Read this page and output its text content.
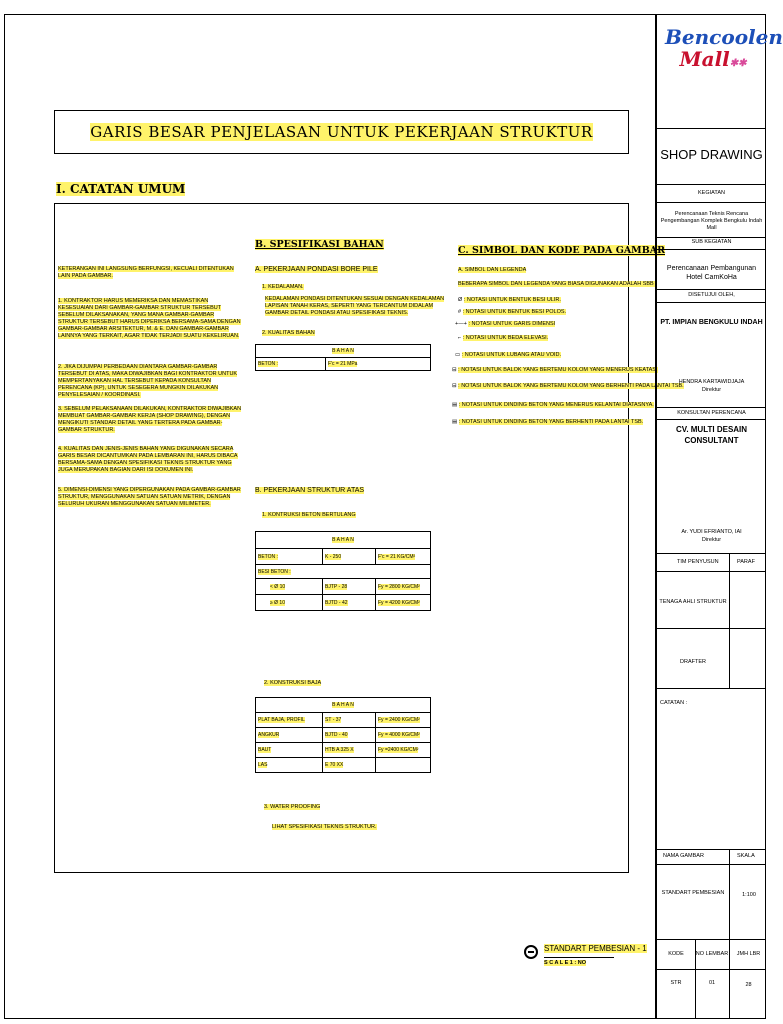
GARIS BESAR PENJELASAN UNTUK PEKERJAAN STRUKTUR
I. CATATAN UMUM
KETERANGAN INI LANGSUNG BERFUNGSI, KECUALI DITENTUKAN LAIN PADA GAMBAR.
1. KONTRAKTOR HARUS MEMERIKSA DAN MEMASTIKAN KESESUAIAN DARI GAMBAR-GAMBAR STRUKTUR TERSEBUT SEBELUM DILAKSANAKAN, YANG MANA GAMBAR-GAMBAR STRUKTUR TERSEBUT HARUS DIPERIKSA BERSAMA-SAMA DENGAN GAMBAR-GAMBAR ARSITEKTUR, M. & E. DAN GAMBAR-GAMBAR LAINNYA YANG TERKAIT, AGAR TIDAK TERJADI SUATU KEKELIRUAN.
2. JIKA DIJUMPAI PERBEDAAN DIANTARA GAMBAR-GAMBAR TERSEBUT DI ATAS, MAKA DIWAJIBKAN BAGI KONTRAKTOR UNTUK MEMPERTANYAKAN HAL TERSEBUT KEPADA KONSULTAN PERENCANA (KP), UNTUK SESEGERA MUNGKIN DILAKUKAN PENYELESAIAN / KOORDINASI.
3. SEBELUM PELAKSANAAN DILAKUKAN, KONTRAKTOR DIWAJIBKAN MEMBUAT GAMBAR-GAMBAR KERJA (SHOP DRAWING), DENGAN MENGIKUTI STANDAR DETAIL YANG TERTERA PADA GAMBAR-GAMBAR STRUKTUR.
4. KUALITAS DAN JENIS-JENIS BAHAN YANG DIGUNAKAN SECARA GARIS BESAR DICANTUMKAN PADA LEMBARAN INI, HARUS DIBACA BERSAMA-SAMA DENGAN SPESIFIKASI TEKNIS STRUKTUR YANG JUGA MERUPAKAN BAGIAN DARI ISI DOKUMEN INI.
5. DIMENSI-DIMENSI YANG DIPERGUNAKAN PADA GAMBAR-GAMBAR STRUKTUR, MENGGUNAKAN SATUAN SATUAN METRIK, DENGAN SELURUH UKURAN MENGGUNAKAN SATUAN MILIMETER.
B. SPESIFIKASI BAHAN
A. PEKERJAAN PONDASI BORE PILE
1. KEDALAMAN.
KEDALAMAN PONDASI DITENTUKAN SESUAI DENGAN KEDALAMAN LAPISAN TANAH KERAS, SEPERTI YANG TERCANTUM DIDALAM GAMBAR DETAIL PONDASI ATAU SPESIFIKASI TEKNIS.
2. KUALITAS BAHAN
B A H A N
BETON :	F'c = 21 MPa
B. PEKERJAAN STRUKTUR ATAS
1. KONTRUKSI BETON BERTULANG
B A H A N		
BETON :	K - 250	F'c = 21 KG/CM²
BESI BETON :		
< Ø 10	BJTP - 28	Fy = 2800 KG/CM²
≥ Ø 10	BJTD - 42	Fy = 4200 KG/CM²
2. KONSTRUKSI BAJA
B A H A N		
PLAT BAJA, PROFIL	ST - 37	Fy = 2400 KG/CM²
ANGKUR	BJTD - 40	Fy = 4000 KG/CM²
BAUT	HTB A 325 X	Fy =2400 KG/CM²
LAS	E 70 XX	
3. WATER PROOFING
LIHAT SPESIFIKASI TEKNIS STRUKTUR.
C. SIMBOL DAN KODE PADA GAMBAR
A. SIMBOL DAN LEGENDA
BEBERAPA SIMBOL DAN LEGENDA YANG BIASA DIGUNAKAN ADALAH SBB :
Ø : NOTASI UNTUK BENTUK BESI ULIR.
# : NOTASI UNTUK BENTUK BESI POLOS.
+—+ : NOTASI UNTUK GARIS DIMENSI
⌐ : NOTASI UNTUK BEDA ELEVASI.
▭ : NOTASI UNTUK LUBANG ATAU VOID.
⊟ : NOTASI UNTUK BALOK YANG BERTEMU KOLOM YANG MENERUS KEATAS.
⊟ : NOTASI UNTUK BALOK YANG BERTEMU KOLOM YANG BERHENTI PADA LANTAI TSB.
▤ : NOTASI UNTUK DINDING BETON YANG MENERUS KELANTAI DIATASNYA.
▤ : NOTASI UNTUK DINDING BETON YANG BERHENTI PADA LANTAI TSB.
STANDART PEMBESIAN - 1
S C A L E 1 : NO
Bencoolen
Mall✱✱
SHOP DRAWING
KEGIATAN
Perencanaan Teknis Rencana Pengembangan Komplek Bengkulu Indah Mall
SUB KEGIATAN
Perencanaan Pembangunan Hotel CamKoHa
DISETUJUI OLEH,
PT. IMPIAN BENGKULU INDAH
HENDRA KARTAWIDJAJA
Direktur
KONSULTAN PERENCANA
CV. MULTI DESAIN CONSULTANT
Ar. YUDI EFRIANTO, IAI
Direktur
TIM PENYUSUN	PARAF
TENAGA AHLI STRUKTUR
DRAFTER
CATATAN :
NAMA GAMBAR	SKALA
STANDART PEMBESIAN	1:100
KODE	NO LEMBAR	JMH LBR
STR	01	28
